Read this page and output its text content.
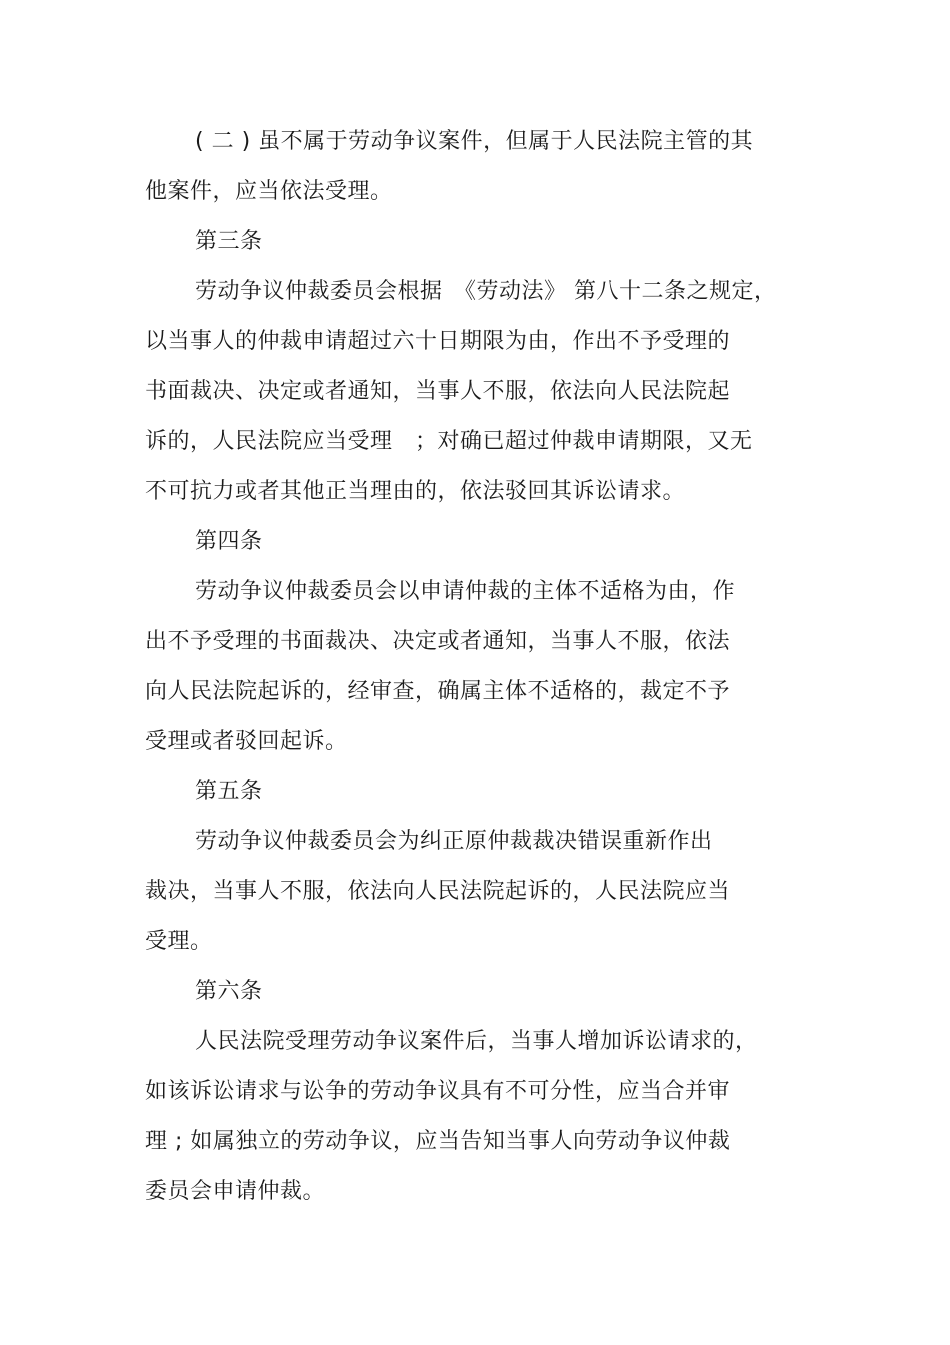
( 二 ) 虽不属于劳动争议案件，但属于人民法院主管的其
他案件，应当依法受理。
第三条
劳动争议仲裁委员会根据　《劳动法》 第八十二条之规定，
以当事人的仲裁申请超过六十日期限为由，作出不予受理的
书面裁决、决定或者通知，当事人不服，依法向人民法院起
诉的，人民法院应当受理　；对确已超过仲裁申请期限，又无
不可抗力或者其他正当理由的，依法驳回其诉讼请求。
第四条
劳动争议仲裁委员会以申请仲裁的主体不适格为由，作
出不予受理的书面裁决、决定或者通知，当事人不服，依法
向人民法院起诉的，经审查，确属主体不适格的，裁定不予
受理或者驳回起诉。
第五条
劳动争议仲裁委员会为纠正原仲裁裁决错误重新作出
裁决，当事人不服，依法向人民法院起诉的，人民法院应当
受理。
第六条
人民法院受理劳动争议案件后，当事人增加诉讼请求的，
如该诉讼请求与讼争的劳动争议具有不可分性，应当合并审
理 ; 如属独立的劳动争议，应当告知当事人向劳动争议仲裁
委员会申请仲裁。
